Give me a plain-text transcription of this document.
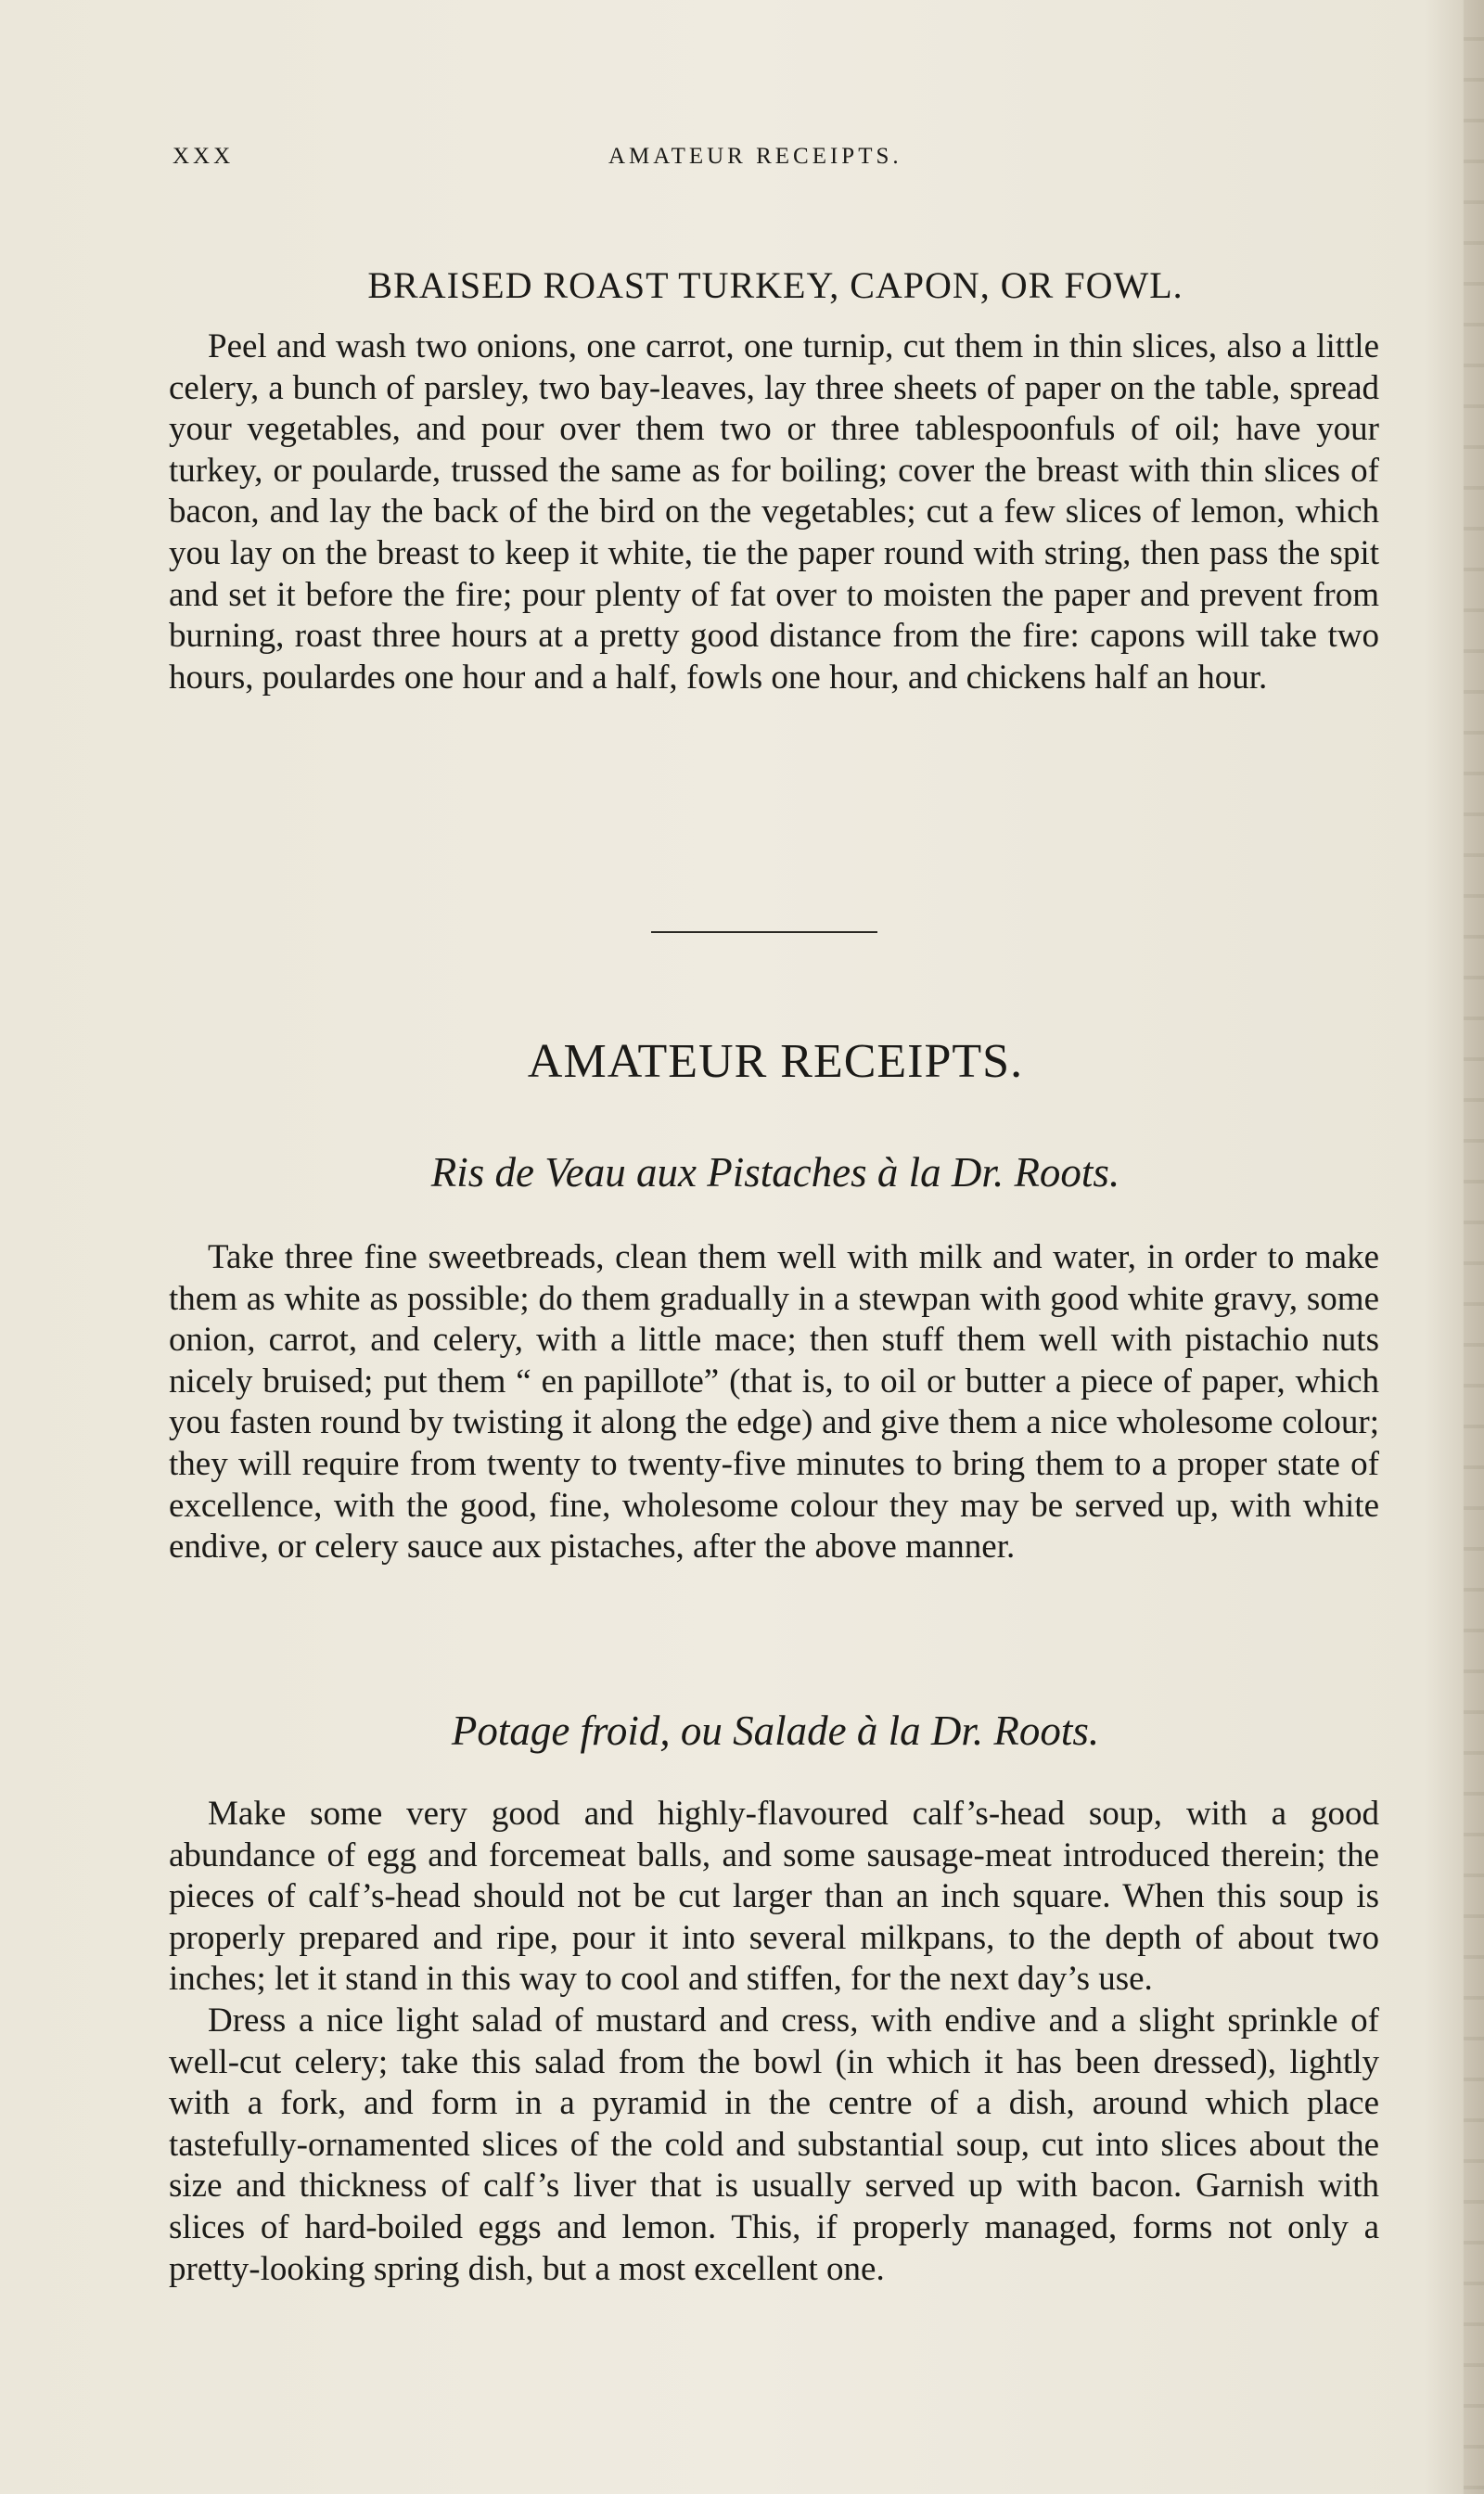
XXX	AMATEUR RECEIPTS.
BRAISED ROAST TURKEY, CAPON, OR FOWL.

Peel and wash two onions, one carrot, one turnip, cut them in thin slices, also a little celery, a bunch of parsley, two bay-leaves, lay three sheets of paper on the table, spread your vegetables, and pour over them two or three tablespoonfuls of oil; have your turkey, or poularde, trussed the same as for boiling; cover the breast with thin slices of bacon, and lay the back of the bird on the vegetables; cut a few slices of lemon, which you lay on the breast to keep it white, tie the paper round with string, then pass the spit and set it before the fire; pour plenty of fat over to moisten the paper and prevent from burning, roast three hours at a pretty good distance from the fire: capons will take two hours, poulardes one hour and a half, fowls one hour, and chickens half an hour.

AMATEUR RECEIPTS.
Ris de Veau aux Pistaches à la Dr. Roots.

Take three fine sweetbreads, clean them well with milk and water, in order to make them as white as possible; do them gradually in a stewpan with good white gravy, some onion, carrot, and celery, with a little mace; then stuff them well with pistachio nuts nicely bruised; put them “ en papillote” (that is, to oil or butter a piece of paper, which you fasten round by twisting it along the edge) and give them a nice wholesome colour; they will require from twenty to twenty-five minutes to bring them to a proper state of excellence, with the good, fine, wholesome colour they may be served up, with white endive, or celery sauce aux pistaches, after the above manner.

Potage froid, ou Salade à la Dr. Roots.

Make some very good and highly-flavoured calf’s-head soup, with a good abundance of egg and forcemeat balls, and some sausage-meat introduced therein; the pieces of calf’s-head should not be cut larger than an inch square. When this soup is properly prepared and ripe, pour it into several milkpans, to the depth of about two inches; let it stand in this way to cool and stiffen, for the next day’s use.

Dress a nice light salad of mustard and cress, with endive and a slight sprinkle of well-cut celery; take this salad from the bowl (in which it has been dressed), lightly with a fork, and form in a pyramid in the centre of a dish, around which place tastefully-ornamented slices of the cold and substantial soup, cut into slices about the size and thickness of calf’s liver that is usually served up with bacon. Garnish with slices of hard-boiled eggs and lemon. This, if properly managed, forms not only a pretty-looking spring dish, but a most excellent one.
